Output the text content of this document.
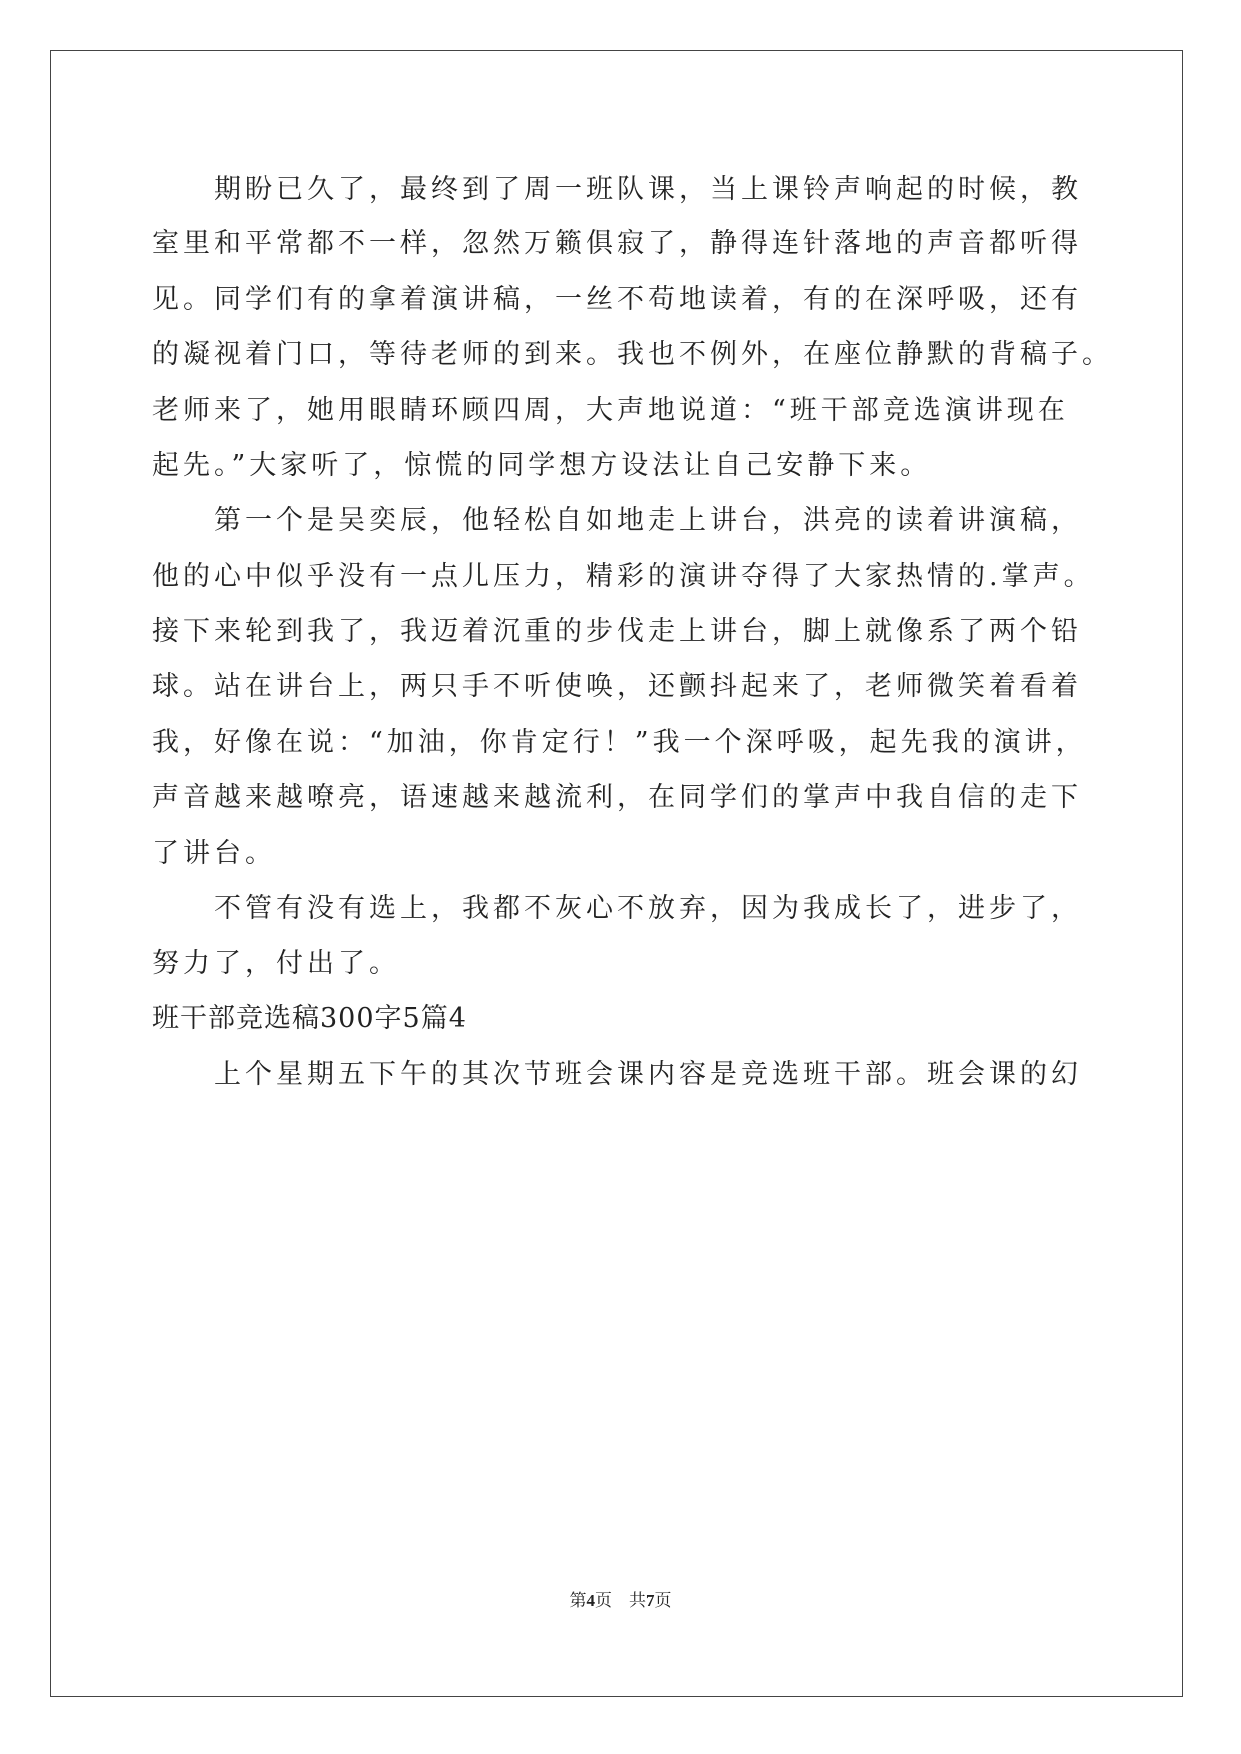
期盼已久了，最终到了周一班队课，当上课铃声响起的时候，教
室里和平常都不一样，忽然万籁俱寂了，静得连针落地的声音都听得
见。同学们有的拿着演讲稿，一丝不苟地读着，有的在深呼吸，还有
的凝视着门口，等待老师的到来。我也不例外，在座位静默的背稿子。
老师来了，她用眼睛环顾四周，大声地说道：“班干部竞选演讲现在
起先。”大家听了，惊慌的同学想方设法让自己安静下来。
第一个是吴奕辰，他轻松自如地走上讲台，洪亮的读着讲演稿，
他的心中似乎没有一点儿压力，精彩的演讲夺得了大家热情的.掌声。
接下来轮到我了，我迈着沉重的步伐走上讲台，脚上就像系了两个铅
球。站在讲台上，两只手不听使唤，还颤抖起来了，老师微笑着看着
我，好像在说：“加油，你肯定行！”我一个深呼吸，起先我的演讲，
声音越来越嘹亮，语速越来越流利，在同学们的掌声中我自信的走下
了讲台。
不管有没有选上，我都不灰心不放弃，因为我成长了，进步了，
努力了，付出了。
班干部竞选稿300字5篇4
上个星期五下午的其次节班会课内容是竞选班干部。班会课的幻
第4页　共7页
